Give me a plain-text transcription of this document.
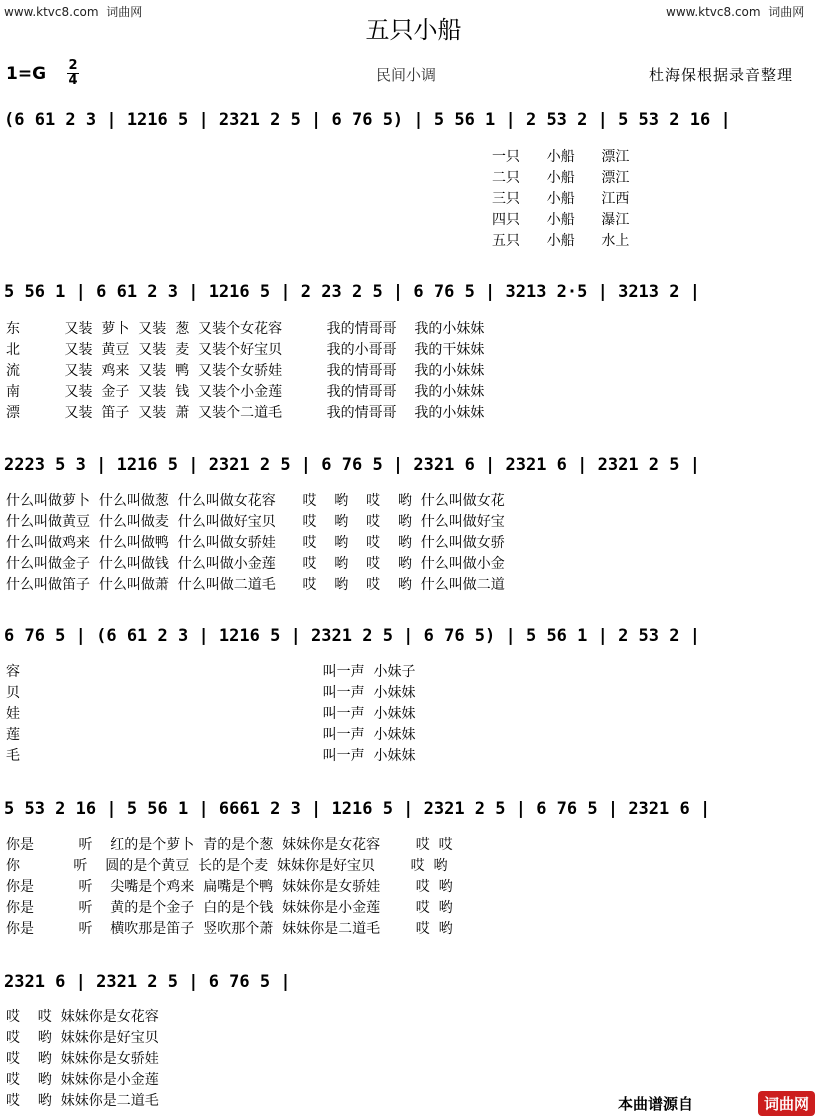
www.ktvc8.com  词曲网	www.ktvc8.com  词曲网
五只小船
1=G 2
4	民间小调	杜海保根据录音整理
(6 61 2 3 | 1216 5 | 2321 2 5 | 6 76 5) | 5 56 1 | 2 53 2 | 5 53 2 16 |
一只      小船      漂江
二只      小船      漂江
三只      小船      江西
四只      小船      瀑江
五只      小船      水上
5 56 1 | 6 61 2 3 | 1216 5 | 2 23 2 5 | 6 76 5 | 3213 2·5 | 3213 2 |
东          又装  萝卜  又装  葱  又装个女花容          我的情哥哥    我的小妹妹
北          又装  黄豆  又装  麦  又装个好宝贝          我的小哥哥    我的干妹妹
流          又装  鸡来  又装  鸭  又装个女骄娃          我的情哥哥    我的小妹妹
南          又装  金子  又装  钱  又装个小金莲          我的情哥哥    我的小妹妹
漂          又装  笛子  又装  萧  又装个二道毛          我的情哥哥    我的小妹妹
2223 5 3 | 1216 5 | 2321 2 5 | 6 76 5 | 2321 6 | 2321 6 | 2321 2 5 |
什么叫做萝卜  什么叫做葱  什么叫做女花容      哎    哟    哎    哟  什么叫做女花
什么叫做黄豆  什么叫做麦  什么叫做好宝贝      哎    哟    哎    哟  什么叫做好宝
什么叫做鸡来  什么叫做鸭  什么叫做女骄娃      哎    哟    哎    哟  什么叫做女骄
什么叫做金子  什么叫做钱  什么叫做小金莲      哎    哟    哎    哟  什么叫做小金
什么叫做笛子  什么叫做萧  什么叫做二道毛      哎    哟    哎    哟  什么叫做二道
6 76 5 | (6 61 2 3 | 1216 5 | 2321 2 5 | 6 76 5) | 5 56 1 | 2 53 2 |
容                                                                    叫一声  小妹子
贝                                                                    叫一声  小妹妹
娃                                                                    叫一声  小妹妹
莲                                                                    叫一声  小妹妹
毛                                                                    叫一声  小妹妹
5 53 2 16 | 5 56 1 | 6661 2 3 | 1216 5 | 2321 2 5 | 6 76 5 | 2321 6 |
你是          听    红的是个萝卜  青的是个葱  妹妹你是女花容        哎  哎
你            听    圆的是个黄豆  长的是个麦  妹妹你是好宝贝        哎  哟
你是          听    尖嘴是个鸡来  扁嘴是个鸭  妹妹你是女骄娃        哎  哟
你是          听    黄的是个金子  白的是个钱  妹妹你是小金莲        哎  哟
你是          听    横吹那是笛子  竖吹那个萧  妹妹你是二道毛        哎  哟
2321 6 | 2321 2 5 | 6 76 5 |
哎    哎  妹妹你是女花容
哎    哟  妹妹你是好宝贝
哎    哟  妹妹你是女骄娃
哎    哟  妹妹你是小金莲
哎    哟  妹妹你是二道毛	本曲谱源自	词曲网
